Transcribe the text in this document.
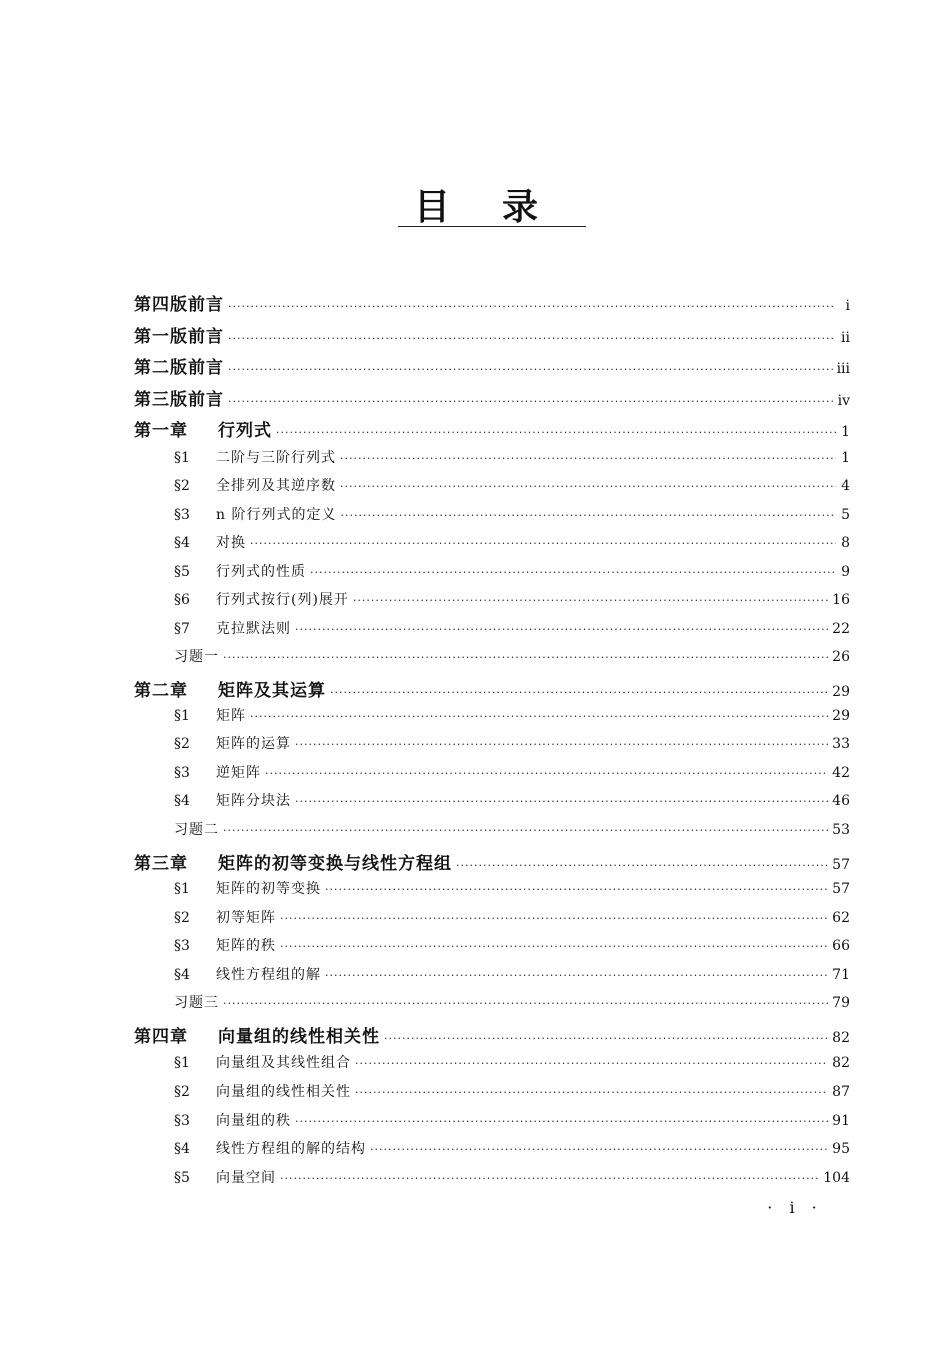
目录
第四版前言 ·····	i
第一版前言 ·····	ii
第二版前言 ·····	iii
第三版前言 ·····	iv
第一章	行列式 ·····	1
§1	二阶与三阶行列式 ·····	1
§2	全排列及其逆序数 ·····	4
§3	n 阶行列式的定义 ·····	5
§4	对换 ·····	8
§5	行列式的性质 ·····	9
§6	行列式按行(列)展开 ·····	16
§7	克拉默法则 ·····	22
习题一 ·····	26
第二章	矩阵及其运算 ·····	29
§1	矩阵 ·····	29
§2	矩阵的运算 ·····	33
§3	逆矩阵 ·····	42
§4	矩阵分块法 ·····	46
习题二 ·····	53
第三章	矩阵的初等变换与线性方程组 ·····	57
§1	矩阵的初等变换 ·····	57
§2	初等矩阵 ·····	62
§3	矩阵的秩 ·····	66
§4	线性方程组的解 ·····	71
习题三 ·····	79
第四章	向量组的线性相关性 ·····	82
§1	向量组及其线性组合 ·····	82
§2	向量组的线性相关性 ·····	87
§3	向量组的秩 ·····	91
§4	线性方程组的解的结构 ·····	95
§5	向量空间 ·····	104
· i ·
